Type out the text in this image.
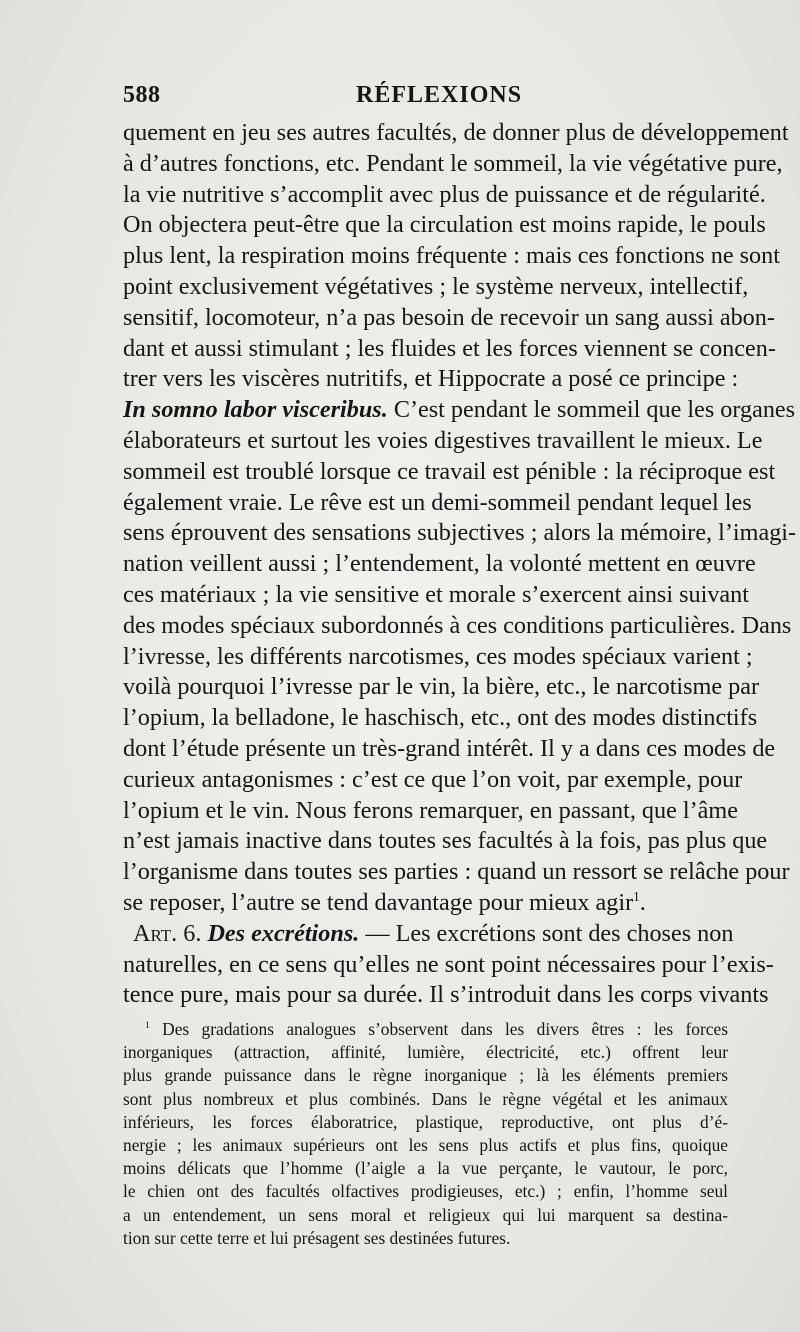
588	RÉFLEXIONS
quement en jeu ses autres facultés, de donner plus de développement
à d’autres fonctions, etc. Pendant le sommeil, la vie végétative pure,
la vie nutritive s’accomplit avec plus de puissance et de régularité.
On objectera peut-être que la circulation est moins rapide, le pouls
plus lent, la respiration moins fréquente : mais ces fonctions ne sont
point exclusivement végétatives ; le système nerveux, intellectif,
sensitif, locomoteur, n’a pas besoin de recevoir un sang aussi abon-
dant et aussi stimulant ; les fluides et les forces viennent se concen-
trer vers les viscères nutritifs, et Hippocrate a posé ce principe :
In somno labor visceribus. C’est pendant le sommeil que les organes
élaborateurs et surtout les voies digestives travaillent le mieux. Le
sommeil est troublé lorsque ce travail est pénible : la réciproque est
également vraie. Le rêve est un demi-sommeil pendant lequel les
sens éprouvent des sensations subjectives ; alors la mémoire, l’imagi-
nation veillent aussi ; l’entendement, la volonté mettent en œuvre
ces matériaux ; la vie sensitive et morale s’exercent ainsi suivant
des modes spéciaux subordonnés à ces conditions particulières. Dans
l’ivresse, les différents narcotismes, ces modes spéciaux varient ;
voilà pourquoi l’ivresse par le vin, la bière, etc., le narcotisme par
l’opium, la belladone, le haschisch, etc., ont des modes distinctifs
dont l’étude présente un très-grand intérêt. Il y a dans ces modes de
curieux antagonismes : c’est ce que l’on voit, par exemple, pour
l’opium et le vin. Nous ferons remarquer, en passant, que l’âme
n’est jamais inactive dans toutes ses facultés à la fois, pas plus que
l’organisme dans toutes ses parties : quand un ressort se relâche pour
se reposer, l’autre se tend davantage pour mieux agir$^1$.
Art. 6. Des excrétions. — Les excrétions sont des choses non
naturelles, en ce sens qu’elles ne sont point nécessaires pour l’exis-
tence pure, mais pour sa durée. Il s’introduit dans les corps vivants
$^1$ Des gradations analogues s’observent dans les divers êtres : les forces
inorganiques (attraction, affinité, lumière, électricité, etc.) offrent leur
plus grande puissance dans le règne inorganique ; là les éléments premiers
sont plus nombreux et plus combinés. Dans le règne végétal et les animaux
inférieurs, les forces élaboratrice, plastique, reproductive, ont plus d’é-
nergie ; les animaux supérieurs ont les sens plus actifs et plus fins, quoique
moins délicats que l’homme (l’aigle a la vue perçante, le vautour, le porc,
le chien ont des facultés olfactives prodigieuses, etc.) ; enfin, l’homme seul
a un entendement, un sens moral et religieux qui lui marquent sa destina-
tion sur cette terre et lui présagent ses destinées futures.
